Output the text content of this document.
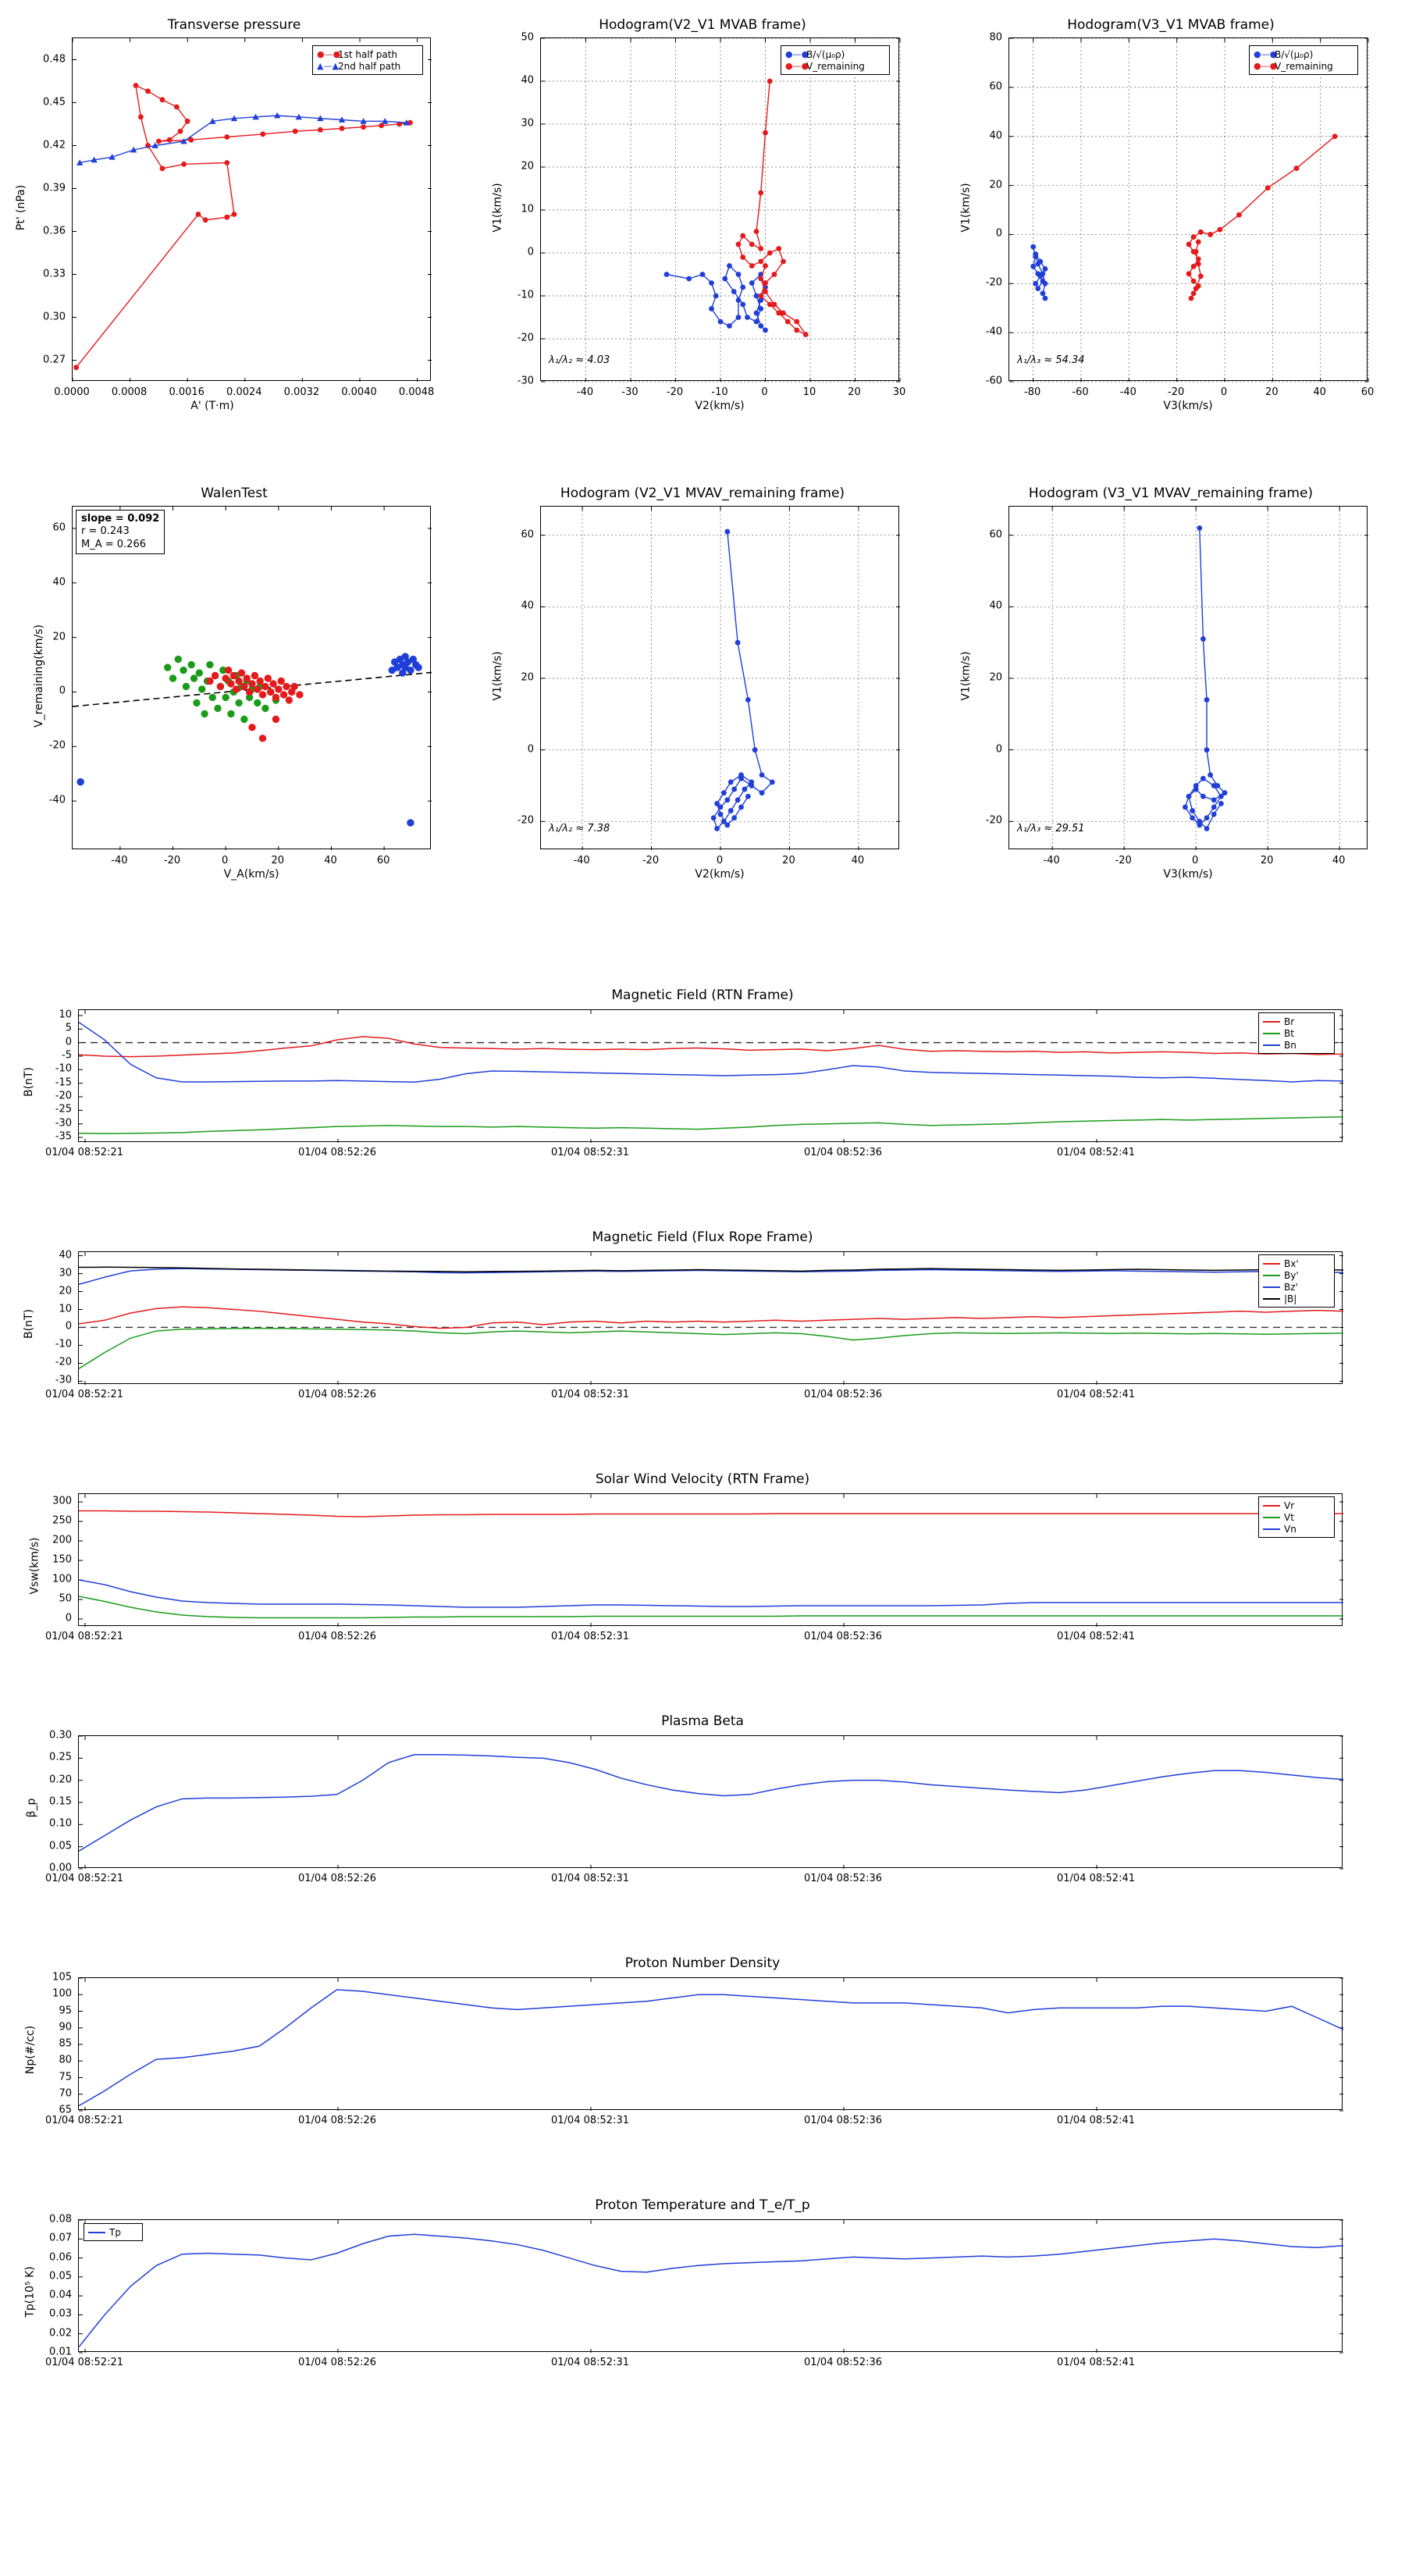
Transverse pressure
Pt' (nPa)
A' (T·m)
●—●
1st half path
▲—▲ 2nd half path
0.0000 0.0008 0.0016 0.0024 0.0032 0.0040 0.0048
0.27
0.30
0.33
0.36
0.39
0.42
0.45
0.48
Hodogram(V2_V1 MVAB frame)
λ₁/λ₂ ≈ 4.03
V1(km/s)
V2(km/s)
●—●
B/√(μ₀ρ)
●—●
V_remaining
-40	-30	-20	-10	0	10	20	30
-30
-20
-10
0
10
20
30
40
50
Hodogram(V3_V1 MVAB frame)
λ₁/λ₃ ≈ 54.34
V1(km/s)
V3(km/s)
●—●
B/√(μ₀ρ)
●—●
V_remaining
-80	-60	-40	-20	0	20	40	60
-60
-40
-20
0
20
40
60
80
WalenTest
slope = 0.092
r = 0.243
M_A = 0.266
V_remaining(km/s)
V_A(km/s)
-40	-20	0	20	40	60
-40
-20
0
20
40
60
Hodogram (V2_V1 MVAV_remaining frame)
λ₁/λ₂ ≈ 7.38
V1(km/s)
V2(km/s)
-40	-20	0	20	40
-20
0
20
40
60
Hodogram (V3_V1 MVAV_remaining frame)
λ₁/λ₃ ≈ 29.51
V1(km/s)
V3(km/s)
-40	-20	0	20	40
-20
0
20
40
60
Magnetic Field (RTN Frame)
B(nT)
Br
Bt
Bn
01/04 08:52:21	01/04 08:52:26	01/04 08:52:31	01/04 08:52:36	01/04 08:52:41
-35
-30
-25
-20
-15
-10
-5
0
5
10
Magnetic Field (Flux Rope Frame)
B(nT)
Bx'
By'
Bz'
|B|
01/04 08:52:21	01/04 08:52:26	01/04 08:52:31	01/04 08:52:36	01/04 08:52:41
-30
-20
-10
0
10
20
30
40
Solar Wind Velocity (RTN Frame)
Vsw(km/s)
Vr
Vt
Vn
01/04 08:52:21	01/04 08:52:26	01/04 08:52:31	01/04 08:52:36	01/04 08:52:41
0
50
100
150
200
250
300
Plasma Beta
β_p
01/04 08:52:21	01/04 08:52:26	01/04 08:52:31	01/04 08:52:36	01/04 08:52:41
0.00
0.05
0.10
0.15
0.20
0.25
0.30
Proton Number Density
Np(#/cc)
01/04 08:52:21	01/04 08:52:26	01/04 08:52:31	01/04 08:52:36	01/04 08:52:41
65
70
75
80
85
90
95
100
105
Proton Temperature and T_e/T_p
Tp
Tp(10⁵ K)
01/04 08:52:21	01/04 08:52:26	01/04 08:52:31	01/04 08:52:36	01/04 08:52:41
0.01
0.02
0.03
0.04
0.05
0.06
0.07
0.08
